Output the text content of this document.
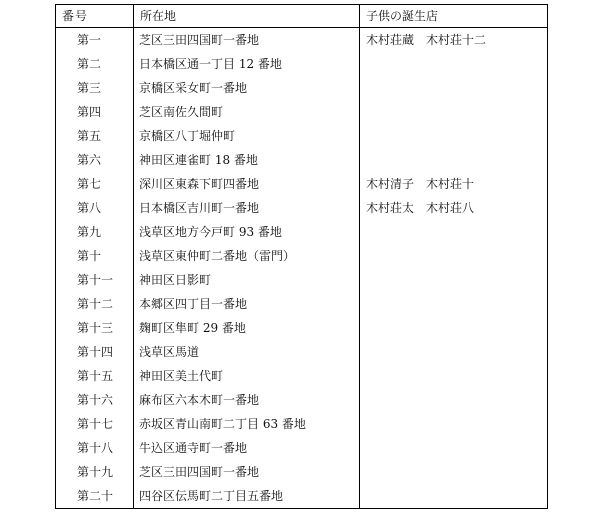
番号	所在地	子供の誕生店
第一	芝区三田四国町一番地	木村荘蔵　木村荘十二
第二	日本橋区通一丁目 12 番地	
第三	京橋区采女町一番地	
第四	芝区南佐久間町	
第五	京橋区八丁堀仲町	
第六	神田区連雀町 18 番地	
第七	深川区東森下町四番地	木村清子　木村荘十
第八	日本橋区吉川町一番地	木村荘太　木村荘八
第九	浅草区地方今戸町 93 番地	
第十	浅草区東仲町二番地（雷門）	
第十一	神田区日影町	
第十二	本郷区四丁目一番地	
第十三	麹町区隼町 29 番地	
第十四	浅草区馬道	
第十五	神田区美土代町	
第十六	麻布区六本木町一番地	
第十七	赤坂区青山南町二丁目 63 番地	
第十八	牛込区通寺町一番地	
第十九	芝区三田四国町一番地	
第二十	四谷区伝馬町二丁目五番地	
